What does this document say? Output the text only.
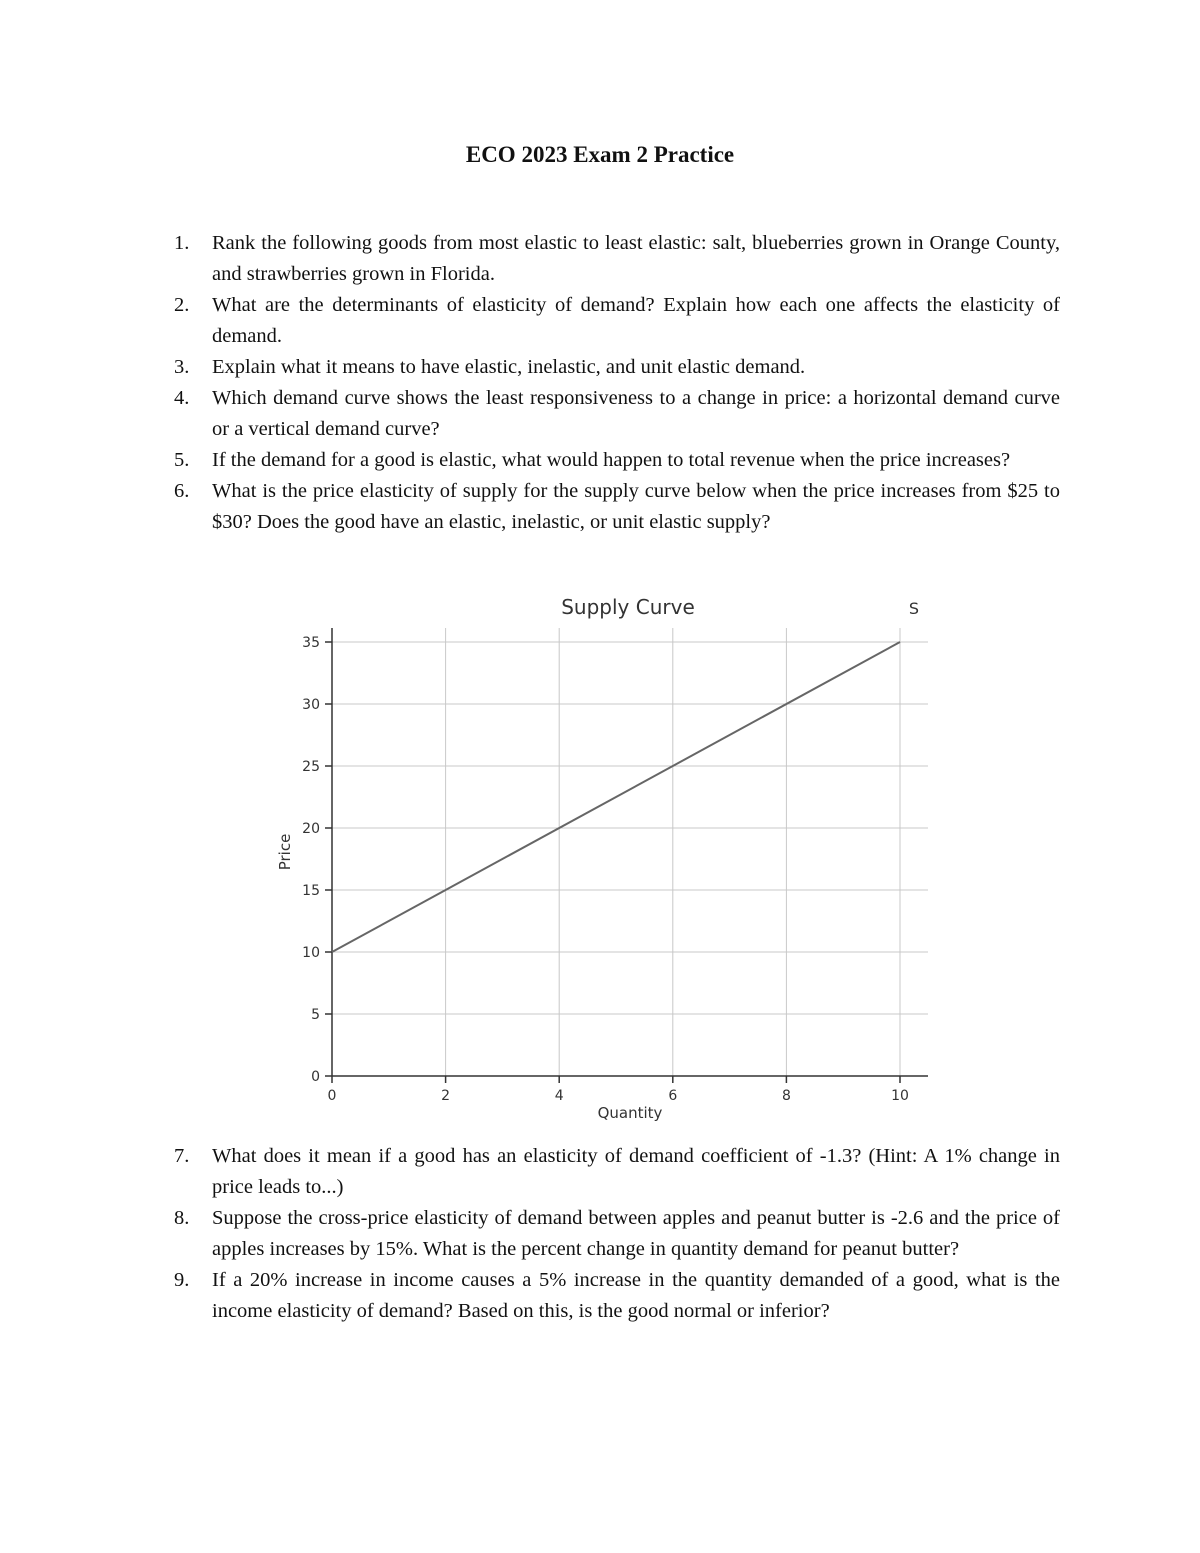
ECO 2023 Exam 2 Practice
1. Rank the following goods from most elastic to least elastic: salt, blueberries grown in Orange County, and strawberries grown in Florida.
2. What are the determinants of elasticity of demand? Explain how each one affects the elasticity of demand.
3. Explain what it means to have elastic, inelastic, and unit elastic demand.
4. Which demand curve shows the least responsiveness to a change in price: a horizontal demand curve or a vertical demand curve?
5. If the demand for a good is elastic, what would happen to total revenue when the price increases?
6. What is the price elasticity of supply for the supply curve below when the price increases from $25 to $30? Does the good have an elastic, inelastic, or unit elastic supply?
0	2	4	6	8	10
0
5
10
15
20
25
30
35
Supply Curve
Quantity
Price
S
7. What does it mean if a good has an elasticity of demand coefficient of -1.3? (Hint: A 1% change in price leads to...)
8. Suppose the cross-price elasticity of demand between apples and peanut butter is -2.6 and the price of apples increases by 15%. What is the percent change in quantity demand for peanut butter?
9. If a 20% increase in income causes a 5% increase in the quantity demanded of a good, what is the income elasticity of demand? Based on this, is the good normal or inferior?
